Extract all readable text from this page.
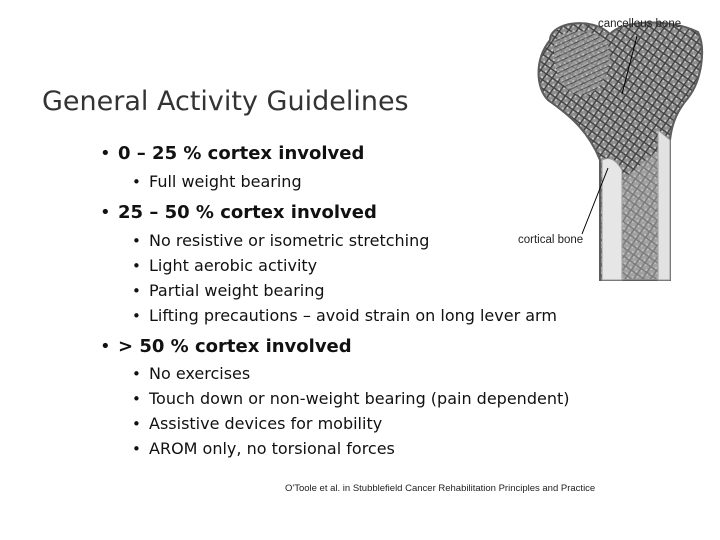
General Activity Guidelines
• 0 – 25 % cortex involved
• Full weight bearing
• 25 – 50 % cortex involved
• No resistive or isometric stretching
• Light aerobic activity
• Partial weight bearing
• Lifting precautions – avoid strain on long lever arm
• > 50 % cortex involved
• No exercises
• Touch down or non-weight bearing (pain dependent)
• Assistive devices for mobility
• AROM only, no torsional forces
cancellous bone
cortical bone
O'Toole et al. in Stubblefield Cancer Rehabilitation Principles and Practice
